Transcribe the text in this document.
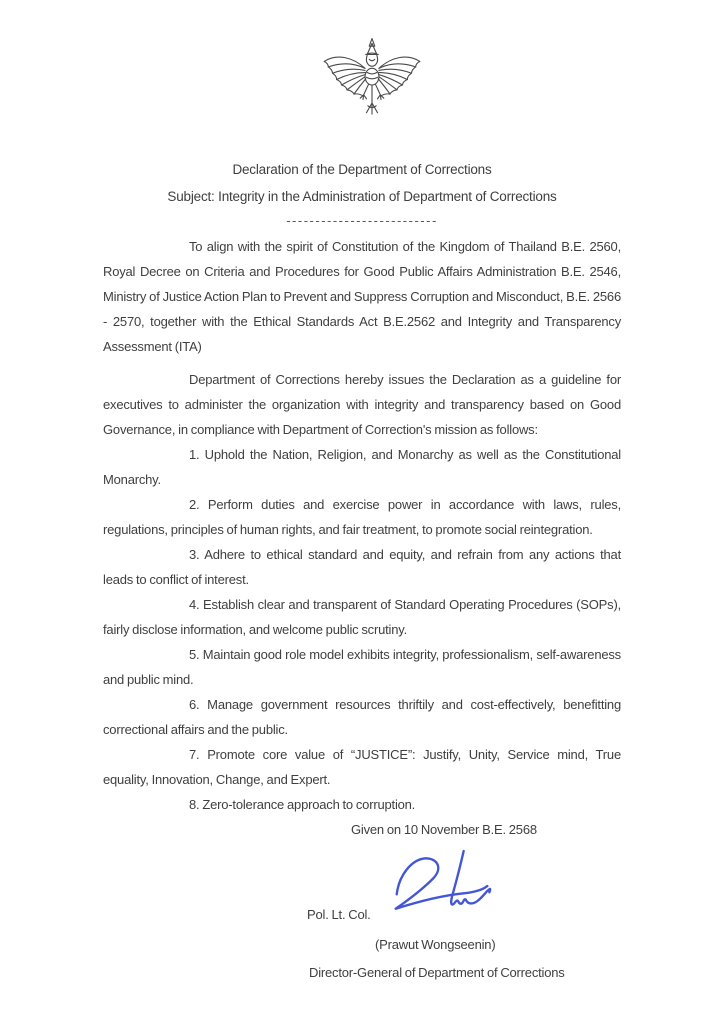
Declaration of the Department of Corrections
Subject: Integrity in the Administration of Department of Corrections
--------------------------

To align with the spirit of Constitution of the Kingdom of Thailand B.E. 2560, Royal Decree on Criteria and Procedures for Good Public Affairs Administration B.E. 2546, Ministry of Justice Action Plan to Prevent and Suppress Corruption and Misconduct, B.E. 2566 - 2570, together with the Ethical Standards Act B.E.2562 and Integrity and Transparency Assessment (ITA)

Department of Corrections hereby issues the Declaration as a guideline for executives to administer the organization with integrity and transparency based on Good Governance, in compliance with Department of Correction's mission as follows:

1. Uphold the Nation, Religion, and Monarchy as well as the Constitutional Monarchy.

2. Perform duties and exercise power in accordance with laws, rules, regulations, principles of human rights, and fair treatment, to promote social reintegration.

3. Adhere to ethical standard and equity, and refrain from any actions that leads to conflict of interest.

4. Establish clear and transparent of Standard Operating Procedures (SOPs), fairly disclose information, and welcome public scrutiny.

5. Maintain good role model exhibits integrity, professionalism, self-awareness and public mind.

6. Manage government resources thriftily and cost-effectively, benefitting correctional affairs and the public.

7. Promote core value of “JUSTICE”: Justify, Unity, Service mind, True equality, Innovation, Change, and Expert.

8. Zero-tolerance approach to corruption.

Given on 10 November B.E. 2568

Pol. Lt. Col.
(Prawut Wongseenin)
Director-General of Department of Corrections
